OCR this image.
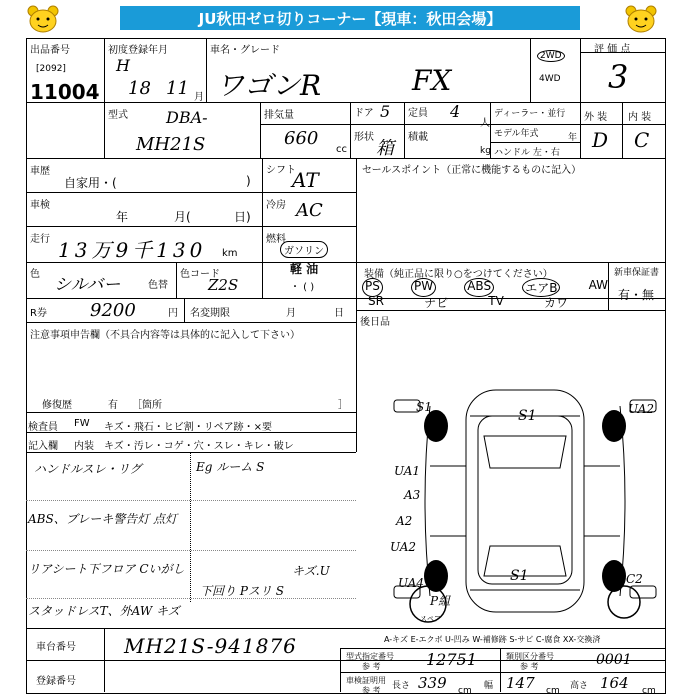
JU秋田ゼロ切りコーナー【現車：秋田会場】
出品番号
[2092]
11004
初度登録年月
H
18 11 月
車名・グレード
ワゴンR	FX
2WD
4WD
評 価 点
3
外 装 内 装
D C
型式 DBA-
MH21S
排気量
660
cc
ドア 5
形状
箱
定員 4
人
積載
kg
ディーラー・並行
モデル年式	年
ハンドル 左・右
車歴
自家用・(	)
シフト
AT	セールスポイント（正常に機能するものに記入）
車検
年	月(	日)
冷房 AC
走行 13万9千130 km
燃料
ガソリン
軽 油
・ ( )
色
シルバー	色替
色コード
Z2S
装備（純正品に限り○をつけてください）
PS	PW	ABS	エアB	AW
SR	ナビ	TV	カワ
新車保証書
有・無
R券 9200	円 名変期限	月	日
後日品
注意事項申告欄（不具合内容等は具体的に記入して下さい）
修復歴	有 ［箇所	］
検査員
記入欄
FW キズ・飛石・ヒビ割・リペア跡・×要
内装 キズ・汚レ・コゲ・穴・スレ・キレ・破レ
ハンドルスレ・リグ	Eg ルーム S
ABS、ブレーキ警告灯 点灯
リアシート下フロア Cいがし	キズ.U
下回り Pスリ S
スタッドレスT、外AW キズ
S1	UA2
S1
UA1
A3
A2
UA2
S1
UA4
P組
C2
スペア
A-キズ E-エクボ U-凹み W-補修跡 S-サビ C-腐食 XX-交換済
車台番号 MH21S-941876
登録番号
型式指定番号
参 考	12751	類別区分番号
参 考	0001
車検証明用
参 考 長さ 339 cm 幅 147 cm 高さ 164 cm
